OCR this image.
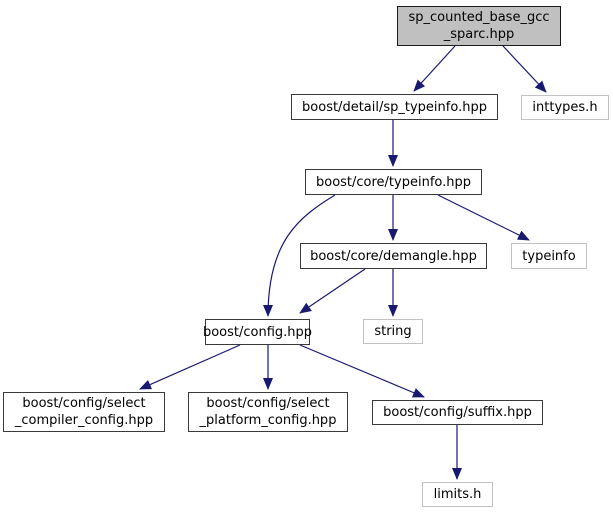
sp_counted_base_gcc
_sparc.hpp
boost/detail/sp_typeinfo.hpp	inttypes.h
boost/core/typeinfo.hpp
boost/core/demangle.hpp	typeinfo
boost/config.hpp	string
boost/config/select
_compiler_config.hpp
boost/config/select
_platform_config.hpp
boost/config/suffix.hpp
limits.h
